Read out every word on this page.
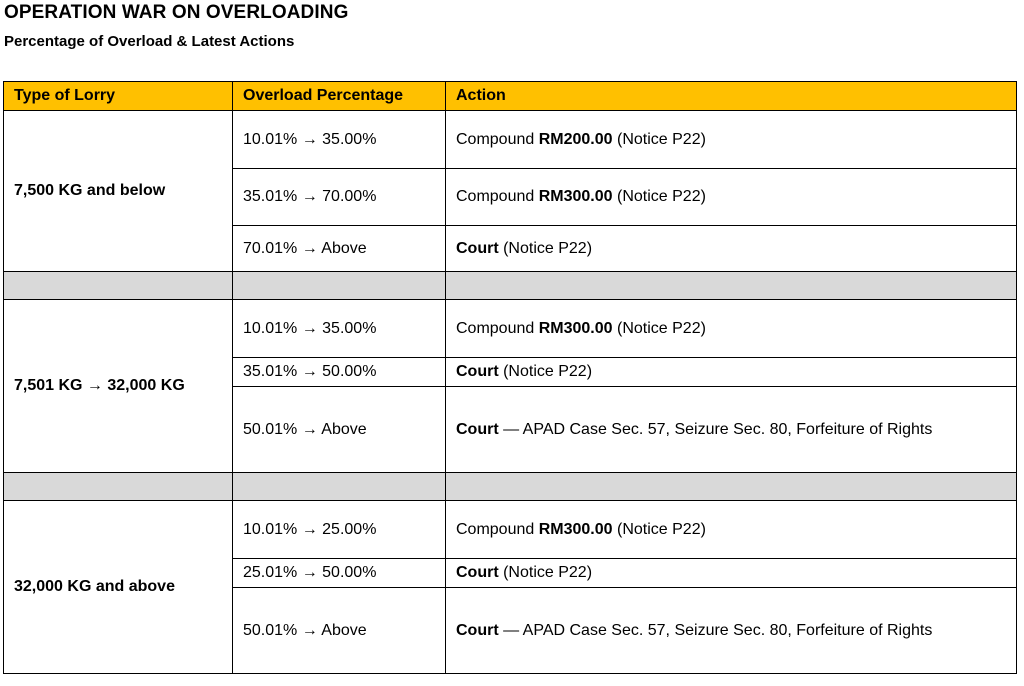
OPERATION WAR ON OVERLOADING
Percentage of Overload & Latest Actions
Type of Lorry	Overload Percentage	Action
7,500 KG and below	10.01% → 35.00%	Compound RM200.00 (Notice P22)
	35.01% → 70.00%	Compound RM300.00 (Notice P22)
	70.01% → Above	Court (Notice P22)

7,501 KG → 32,000 KG	10.01% → 35.00%	Compound RM300.00 (Notice P22)
	35.01% → 50.00%	Court (Notice P22)
	50.01% → Above	Court — APAD Case Sec. 57, Seizure Sec. 80, Forfeiture of Rights

32,000 KG and above	10.01% → 25.00%	Compound RM300.00 (Notice P22)
	25.01% → 50.00%	Court (Notice P22)
	50.01% → Above	Court — APAD Case Sec. 57, Seizure Sec. 80, Forfeiture of Rights
